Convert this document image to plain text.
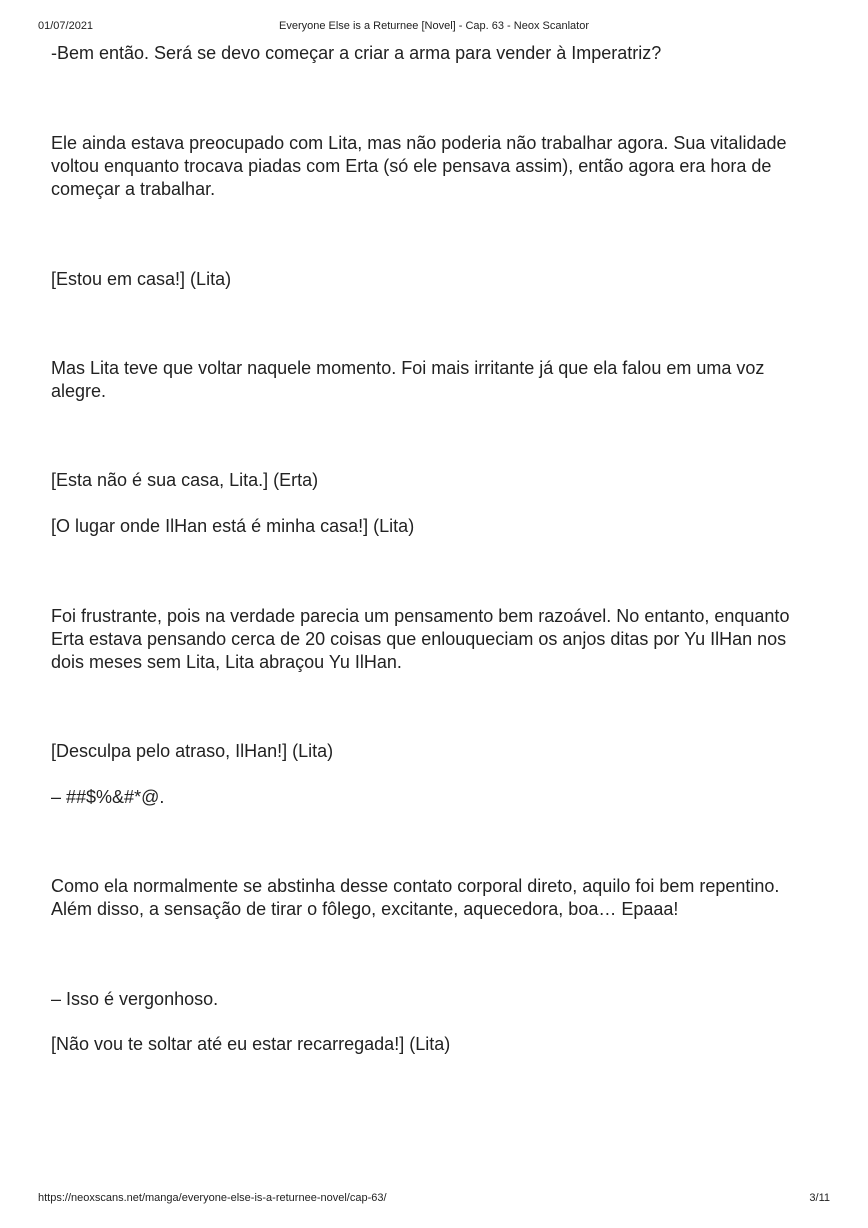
01/07/2021	Everyone Else is a Returnee [Novel] - Cap. 63 - Neox Scanlator

-Bem então. Será se devo começar a criar a arma para vender à Imperatriz?

Ele ainda estava preocupado com Lita, mas não poderia não trabalhar agora. Sua vitalidade voltou enquanto trocava piadas com Erta (só ele pensava assim), então agora era hora de começar a trabalhar.

[Estou em casa!] (Lita)

Mas Lita teve que voltar naquele momento. Foi mais irritante já que ela falou em uma voz alegre.

[Esta não é sua casa, Lita.] (Erta)

[O lugar onde IlHan está é minha casa!] (Lita)

Foi frustrante, pois na verdade parecia um pensamento bem razoável. No entanto, enquanto Erta estava pensando cerca de 20 coisas que enlouqueciam os anjos ditas por Yu IlHan nos dois meses sem Lita, Lita abraçou Yu IlHan.

[Desculpa pelo atraso, IlHan!] (Lita)

– ##$%&#*@.

Como ela normalmente se abstinha desse contato corporal direto, aquilo foi bem repentino. Além disso, a sensação de tirar o fôlego, excitante, aquecedora, boa… Epaaa!

– Isso é vergonhoso.

[Não vou te soltar até eu estar recarregada!] (Lita)

https://neoxscans.net/manga/everyone-else-is-a-returnee-novel/cap-63/	3/11
